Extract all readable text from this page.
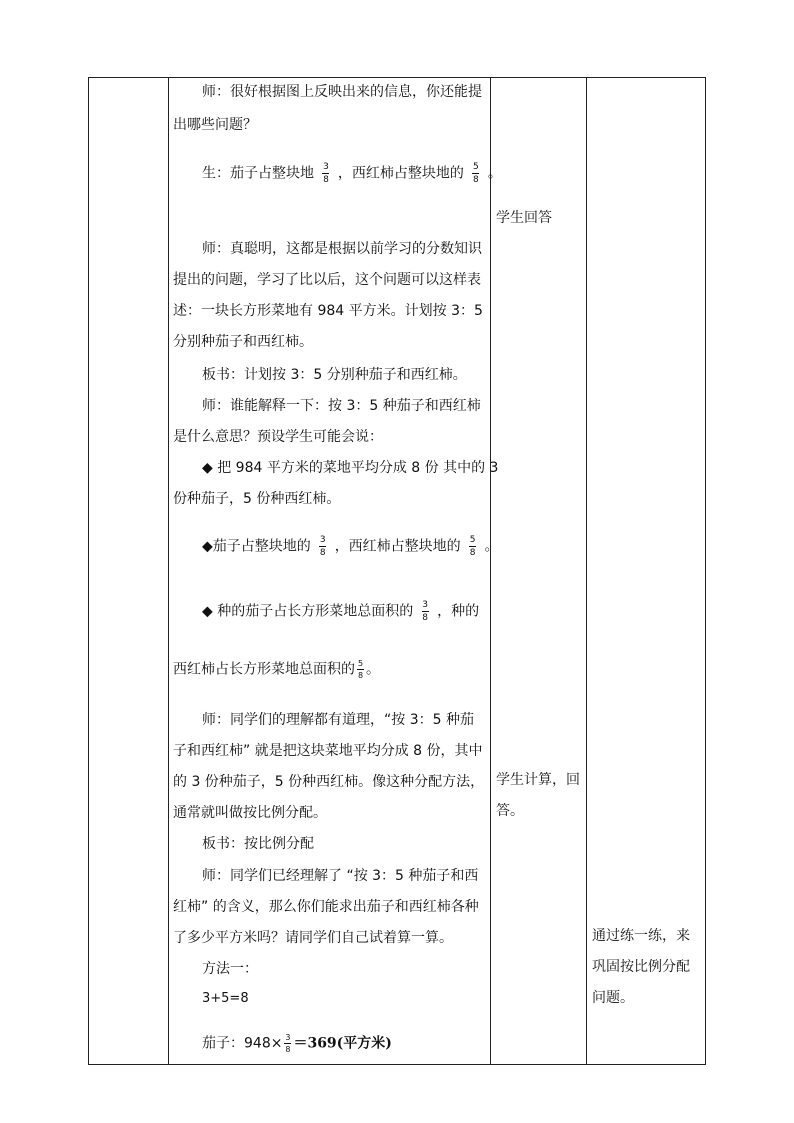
师：很好根据图上反映出来的信息，你还能提
出哪些问题？
生：茄子占整块地 $\frac{3}{8}$ ，西红柿占整块地的 $\frac{5}{8}$ 。
师：真聪明，这都是根据以前学习的分数知识
提出的问题，学习了比以后，这个问题可以这样表
述：一块长方形菜地有 984 平方米。计划按 3：5
分别种茄子和西红柿。
板书：计划按 3：5 分别种茄子和西红柿。
师：谁能解释一下：按 3：5 种茄子和西红柿
是什么意思？预设学生可能会说：
◆ 把 984 平方米的菜地平均分成 8 份 其中的 3
份种茄子，5 份种西红柿。
◆茄子占整块地的 $\frac{3}{8}$ ，西红柿占整块地的 $\frac{5}{8}$ 。
◆ 种的茄子占长方形菜地总面积的 $\frac{3}{8}$ ，种的
西红柿占长方形菜地总面积的 $\frac{5}{8}$ 。
师：同学们的理解都有道理，“按 3：5 种茄
子和西红柿” 就是把这块菜地平均分成 8 份，其中
的 3 份种茄子，5 份种西红柿。像这种分配方法，
通常就叫做按比例分配。
板书：按比例分配
师：同学们已经理解了 “按 3：5 种茄子和西
红柿” 的含义，那么你们能求出茄子和西红柿各种
了多少平方米吗？请同学们自己试着算一算。
方法一：
3+5=8
茄子：$948\times \frac{3}{8} =369$(平方米)
学生回答
学生计算，回
答。
通过练一练，来
巩固按比例分配
问题。
